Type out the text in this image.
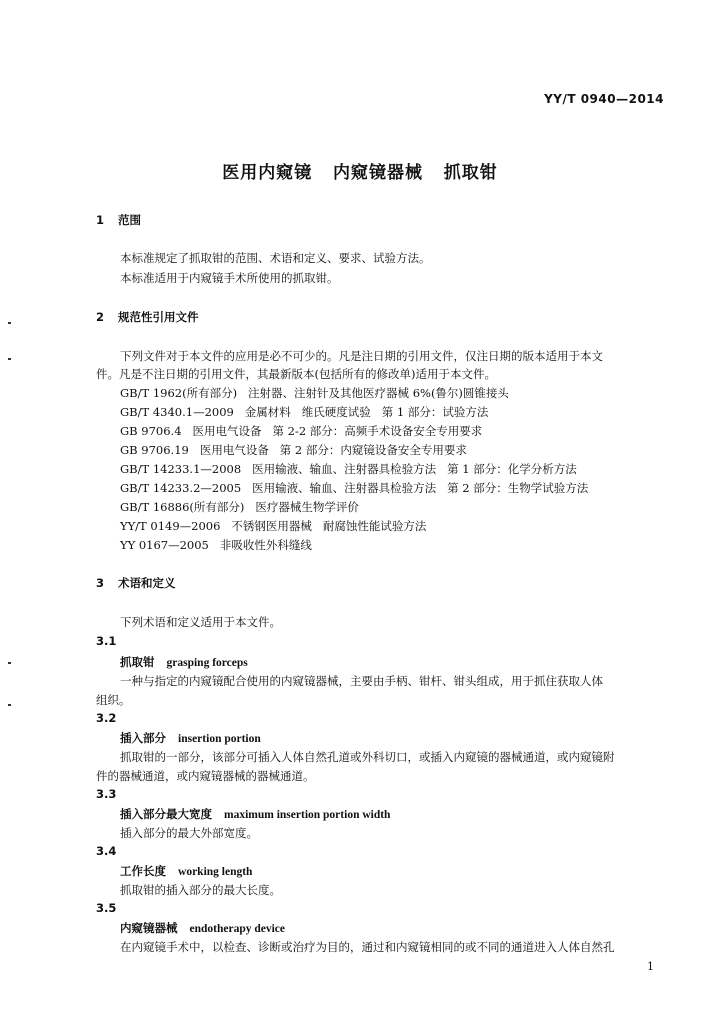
YY/T 0940—2014
医用内窥镜   内窥镜器械   抓取钳
1 范围
本标准规定了抓取钳的范围、术语和定义、要求、试验方法。
本标准适用于内窥镜手术所使用的抓取钳。
2 规范性引用文件
下列文件对于本文件的应用是必不可少的。凡是注日期的引用文件，仅注日期的版本适用于本文
件。凡是不注日期的引用文件，其最新版本(包括所有的修改单)适用于本文件。
GB/T 1962(所有部分)   注射器、注射针及其他医疗器械 6%(鲁尔)圆锥接头
GB/T 4340.1—2009   金属材料   维氏硬度试验   第 1 部分：试验方法
GB 9706.4   医用电气设备   第 2-2 部分：高频手术设备安全专用要求
GB 9706.19   医用电气设备   第 2 部分：内窥镜设备安全专用要求
GB/T 14233.1—2008   医用输液、输血、注射器具检验方法   第 1 部分：化学分析方法
GB/T 14233.2—2005   医用输液、输血、注射器具检验方法   第 2 部分：生物学试验方法
GB/T 16886(所有部分)   医疗器械生物学评价
YY/T 0149—2006   不锈钢医用器械   耐腐蚀性能试验方法
YY 0167—2005   非吸收性外科缝线
3 术语和定义
下列术语和定义适用于本文件。
3.1
抓取钳 grasping forceps
一种与指定的内窥镜配合使用的内窥镜器械，主要由手柄、钳杆、钳头组成，用于抓住获取人体
组织。
3.2
插入部分 insertion portion
抓取钳的一部分，该部分可插入人体自然孔道或外科切口，或插入内窥镜的器械通道，或内窥镜附
件的器械通道，或内窥镜器械的器械通道。
3.3
插入部分最大宽度 maximum insertion portion width
插入部分的最大外部宽度。
3.4
工作长度 working length
抓取钳的插入部分的最大长度。
3.5
内窥镜器械 endotherapy device
在内窥镜手术中，以检查、诊断或治疗为目的，通过和内窥镜相同的或不同的通道进入人体自然孔
1
